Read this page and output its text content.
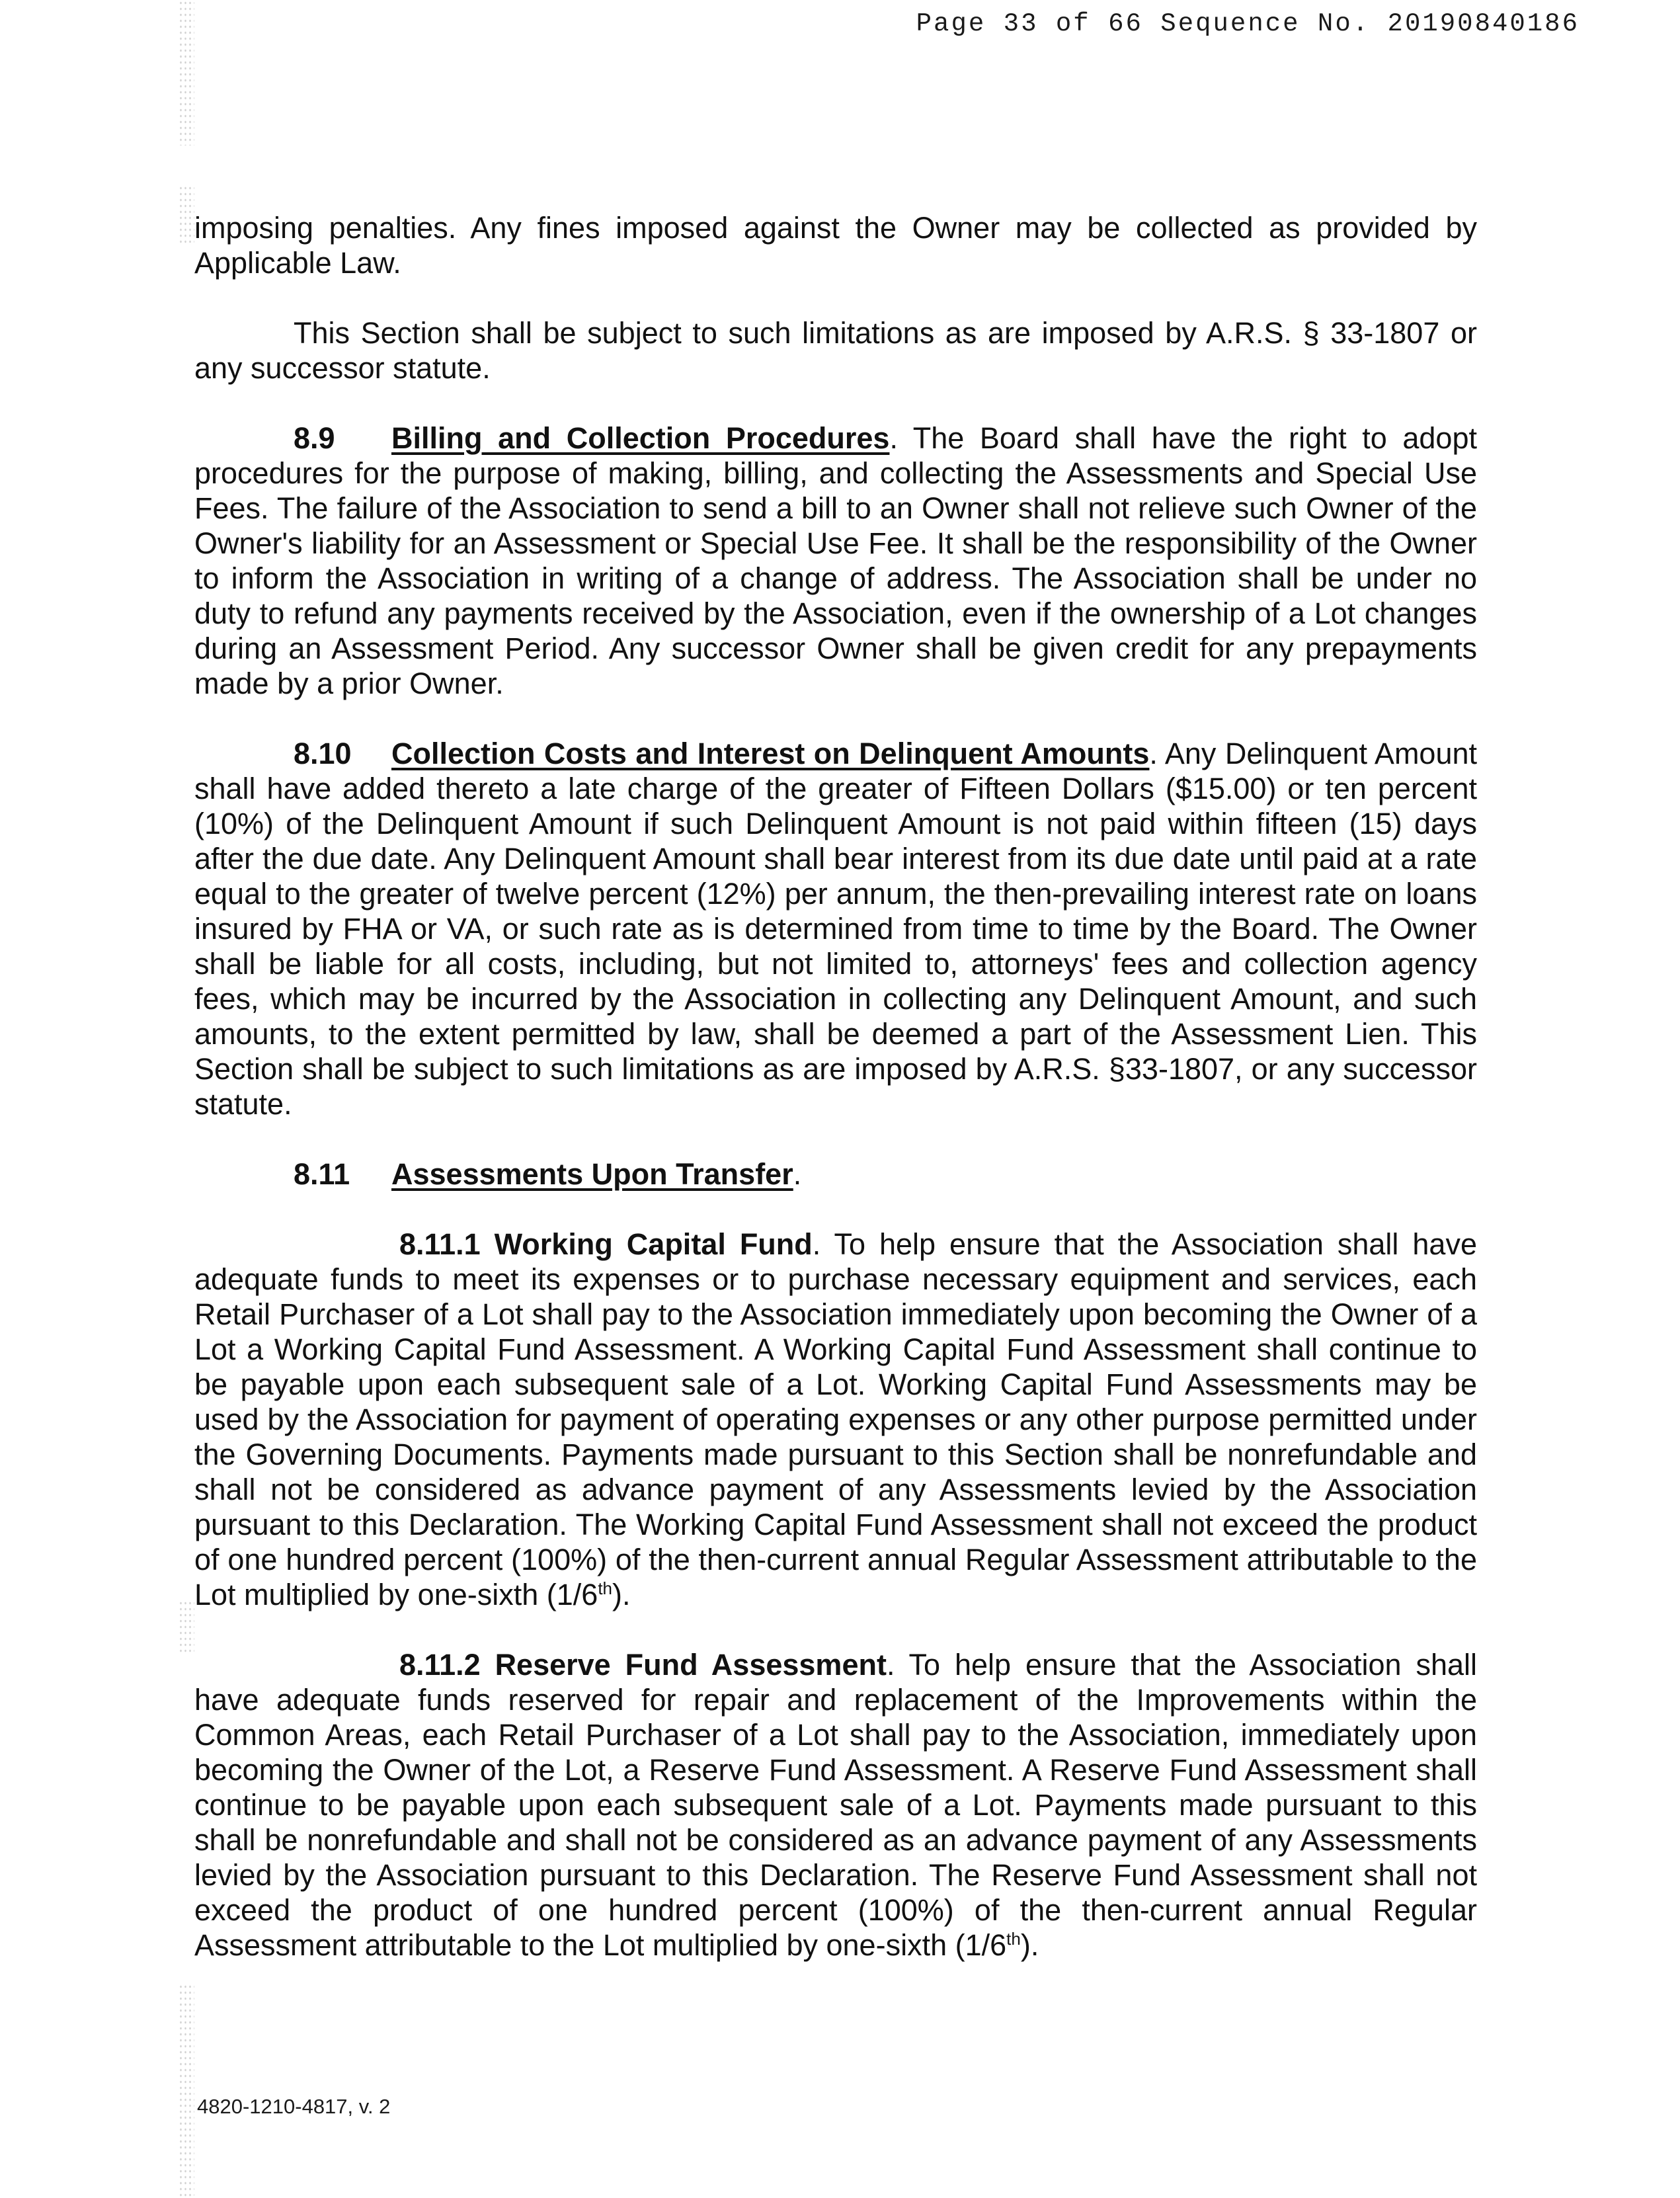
Page 33 of 66 Sequence No. 20190840186

imposing penalties. Any fines imposed against the Owner may be collected as provided by Applicable Law.

This Section shall be subject to such limitations as are imposed by A.R.S. § 33-1807 or any successor statute.

8.9 Billing and Collection Procedures. The Board shall have the right to adopt procedures for the purpose of making, billing, and collecting the Assessments and Special Use Fees. The failure of the Association to send a bill to an Owner shall not relieve such Owner of the Owner's liability for an Assessment or Special Use Fee. It shall be the responsibility of the Owner to inform the Association in writing of a change of address. The Association shall be under no duty to refund any payments received by the Association, even if the ownership of a Lot changes during an Assessment Period. Any successor Owner shall be given credit for any prepayments made by a prior Owner.

8.10 Collection Costs and Interest on Delinquent Amounts. Any Delinquent Amount shall have added thereto a late charge of the greater of Fifteen Dollars ($15.00) or ten percent (10%) of the Delinquent Amount if such Delinquent Amount is not paid within fifteen (15) days after the due date. Any Delinquent Amount shall bear interest from its due date until paid at a rate equal to the greater of twelve percent (12%) per annum, the then-prevailing interest rate on loans insured by FHA or VA, or such rate as is determined from time to time by the Board. The Owner shall be liable for all costs, including, but not limited to, attorneys' fees and collection agency fees, which may be incurred by the Association in collecting any Delinquent Amount, and such amounts, to the extent permitted by law, shall be deemed a part of the Assessment Lien. This Section shall be subject to such limitations as are imposed by A.R.S. §33-1807, or any successor statute.

8.11 Assessments Upon Transfer.

8.11.1 Working Capital Fund. To help ensure that the Association shall have adequate funds to meet its expenses or to purchase necessary equipment and services, each Retail Purchaser of a Lot shall pay to the Association immediately upon becoming the Owner of a Lot a Working Capital Fund Assessment. A Working Capital Fund Assessment shall continue to be payable upon each subsequent sale of a Lot. Working Capital Fund Assessments may be used by the Association for payment of operating expenses or any other purpose permitted under the Governing Documents. Payments made pursuant to this Section shall be nonrefundable and shall not be considered as advance payment of any Assessments levied by the Association pursuant to this Declaration. The Working Capital Fund Assessment shall not exceed the product of one hundred percent (100%) of the then-current annual Regular Assessment attributable to the Lot multiplied by one-sixth (1/6th).

8.11.2 Reserve Fund Assessment. To help ensure that the Association shall have adequate funds reserved for repair and replacement of the Improvements within the Common Areas, each Retail Purchaser of a Lot shall pay to the Association, immediately upon becoming the Owner of the Lot, a Reserve Fund Assessment. A Reserve Fund Assessment shall continue to be payable upon each subsequent sale of a Lot. Payments made pursuant to this shall be nonrefundable and shall not be considered as an advance payment of any Assessments levied by the Association pursuant to this Declaration. The Reserve Fund Assessment shall not exceed the product of one hundred percent (100%) of the then-current annual Regular Assessment attributable to the Lot multiplied by one-sixth (1/6th).

4820-1210-4817, v. 2
